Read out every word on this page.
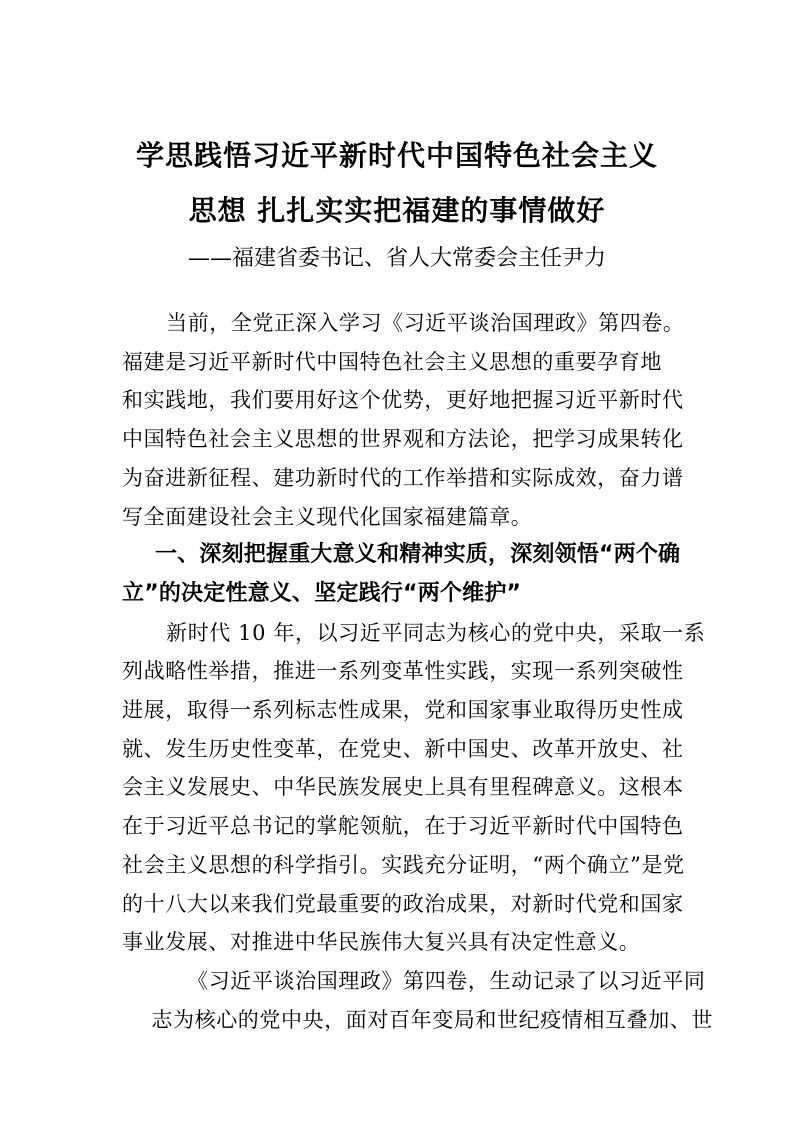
学思践悟习近平新时代中国特色社会主义
思想 扎扎实实把福建的事情做好
——福建省委书记、省人大常委会主任尹力
当前，全党正深入学习《习近平谈治国理政》第四卷。
福建是习近平新时代中国特色社会主义思想的重要孕育地
和实践地，我们要用好这个优势，更好地把握习近平新时代
中国特色社会主义思想的世界观和方法论，把学习成果转化
为奋进新征程、建功新时代的工作举措和实际成效，奋力谱
写全面建设社会主义现代化国家福建篇章。
一、深刻把握重大意义和精神实质，深刻领悟“两个确
立”的决定性意义、坚定践行“两个维护”
新时代 10 年，以习近平同志为核心的党中央，采取一系
列战略性举措，推进一系列变革性实践，实现一系列突破性
进展，取得一系列标志性成果，党和国家事业取得历史性成
就、发生历史性变革，在党史、新中国史、改革开放史、社
会主义发展史、中华民族发展史上具有里程碑意义。这根本
在于习近平总书记的掌舵领航，在于习近平新时代中国特色
社会主义思想的科学指引。实践充分证明，“两个确立”是党
的十八大以来我们党最重要的政治成果，对新时代党和国家
事业发展、对推进中华民族伟大复兴具有决定性意义。
《习近平谈治国理政》第四卷，生动记录了以习近平同
志为核心的党中央，面对百年变局和世纪疫情相互叠加、世
